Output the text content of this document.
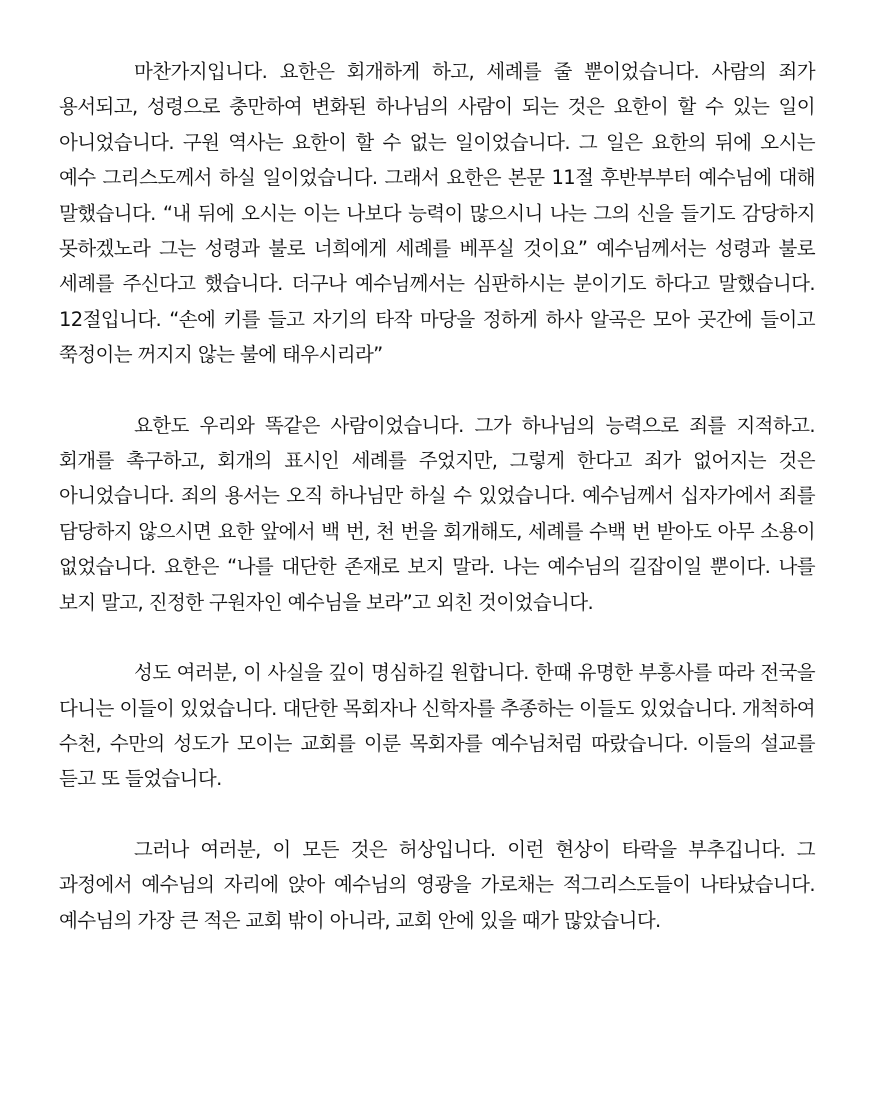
마찬가지입니다. 요한은 회개하게 하고, 세례를 줄 뿐이었습니다. 사람의 죄가 용서되고, 성령으로 충만하여 변화된 하나님의 사람이 되는 것은 요한이 할 수 있는 일이 아니었습니다. 구원 역사는 요한이 할 수 없는 일이었습니다. 그 일은 요한의 뒤에 오시는 예수 그리스도께서 하실 일이었습니다. 그래서 요한은 본문 11절 후반부부터 예수님에 대해 말했습니다. “내 뒤에 오시는 이는 나보다 능력이 많으시니 나는 그의 신을 들기도 감당하지 못하겠노라 그는 성령과 불로 너희에게 세례를 베푸실 것이요” 예수님께서는 성령과 불로 세례를 주신다고 했습니다. 더구나 예수님께서는 심판하시는 분이기도 하다고 말했습니다. 12절입니다. “손에 키를 들고 자기의 타작 마당을 정하게 하사 알곡은 모아 곳간에 들이고 쭉정이는 꺼지지 않는 불에 태우시리라”

요한도 우리와 똑같은 사람이었습니다. 그가 하나님의 능력으로 죄를 지적하고. 회개를 촉구하고, 회개의 표시인 세례를 주었지만, 그렇게 한다고 죄가 없어지는 것은 아니었습니다. 죄의 용서는 오직 하나님만 하실 수 있었습니다. 예수님께서 십자가에서 죄를 담당하지 않으시면 요한 앞에서 백 번, 천 번을 회개해도, 세례를 수백 번 받아도 아무 소용이 없었습니다. 요한은 “나를 대단한 존재로 보지 말라. 나는 예수님의 길잡이일 뿐이다. 나를 보지 말고, 진정한 구원자인 예수님을 보라”고 외친 것이었습니다.

성도 여러분, 이 사실을 깊이 명심하길 원합니다. 한때 유명한 부흥사를 따라 전국을 다니는 이들이 있었습니다. 대단한 목회자나 신학자를 추종하는 이들도 있었습니다. 개척하여 수천, 수만의 성도가 모이는 교회를 이룬 목회자를 예수님처럼 따랐습니다. 이들의 설교를 듣고 또 들었습니다.

그러나 여러분, 이 모든 것은 허상입니다. 이런 현상이 타락을 부추깁니다. 그 과정에서 예수님의 자리에 앉아 예수님의 영광을 가로채는 적그리스도들이 나타났습니다. 예수님의 가장 큰 적은 교회 밖이 아니라, 교회 안에 있을 때가 많았습니다.
